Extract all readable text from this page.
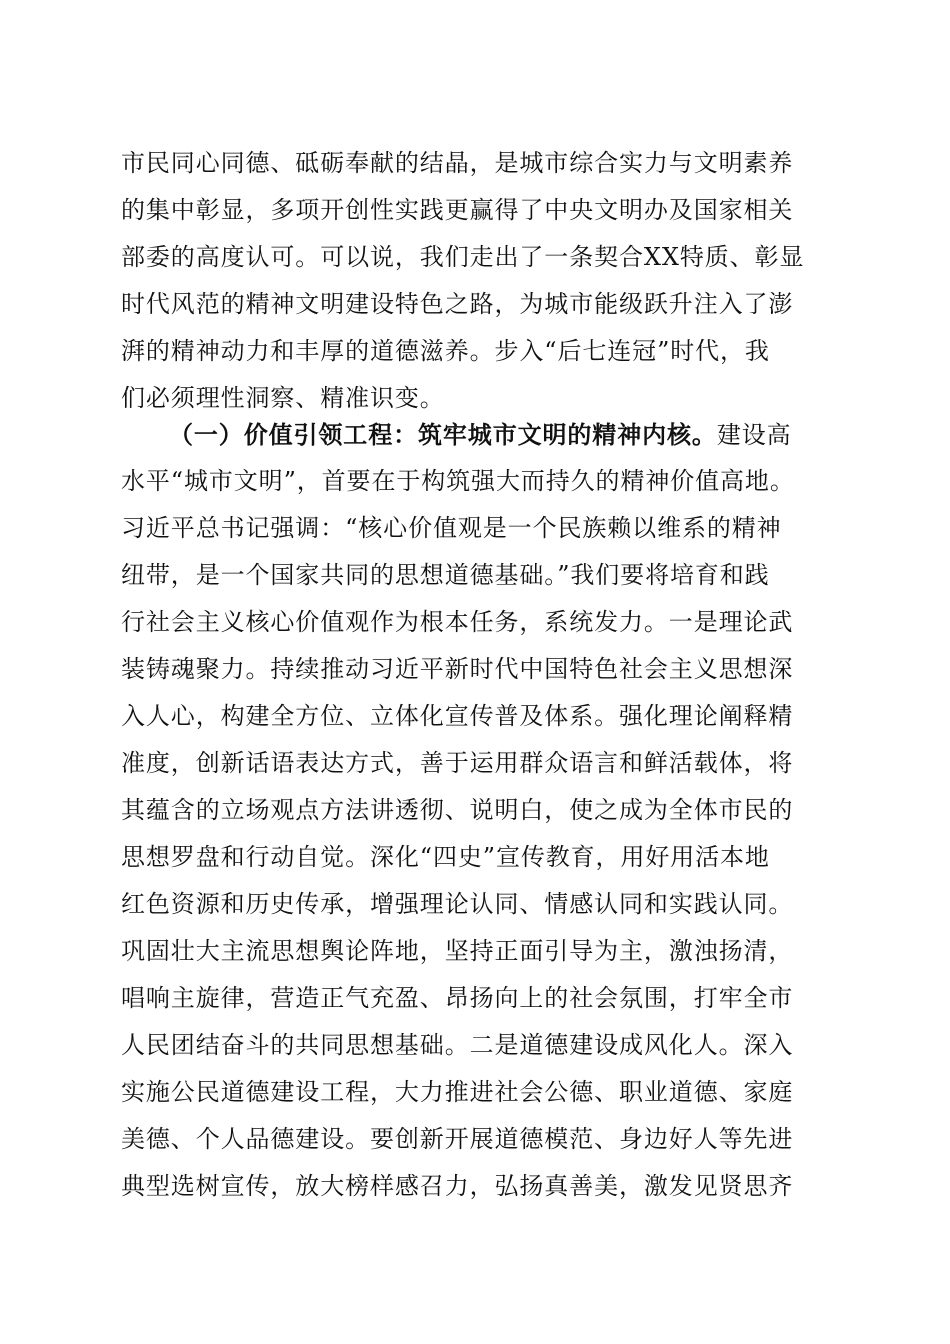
市民同心同德、砥砺奉献的结晶，是城市综合实力与文明素养
的集中彰显，多项开创性实践更赢得了中央文明办及国家相关
部委的高度认可。可以说，我们走出了一条契合XX特质、彰显
时代风范的精神文明建设特色之路，为城市能级跃升注入了澎
湃的精神动力和丰厚的道德滋养。步入“后七连冠”时代，我
们必须理性洞察、精准识变。
（一）价值引领工程：筑牢城市文明的精神内核。建设高
水平“城市文明”，首要在于构筑强大而持久的精神价值高地。
习近平总书记强调：“核心价值观是一个民族赖以维系的精神
纽带，是一个国家共同的思想道德基础。”我们要将培育和践
行社会主义核心价值观作为根本任务，系统发力。一是理论武
装铸魂聚力。持续推动习近平新时代中国特色社会主义思想深
入人心，构建全方位、立体化宣传普及体系。强化理论阐释精
准度，创新话语表达方式，善于运用群众语言和鲜活载体，将
其蕴含的立场观点方法讲透彻、说明白，使之成为全体市民的
思想罗盘和行动自觉。深化“四史”宣传教育，用好用活本地
红色资源和历史传承，增强理论认同、情感认同和实践认同。
巩固壮大主流思想舆论阵地，坚持正面引导为主，激浊扬清，
唱响主旋律，营造正气充盈、昂扬向上的社会氛围，打牢全市
人民团结奋斗的共同思想基础。二是道德建设成风化人。深入
实施公民道德建设工程，大力推进社会公德、职业道德、家庭
美德、个人品德建设。要创新开展道德模范、身边好人等先进
典型选树宣传，放大榜样感召力，弘扬真善美，激发见贤思齐
